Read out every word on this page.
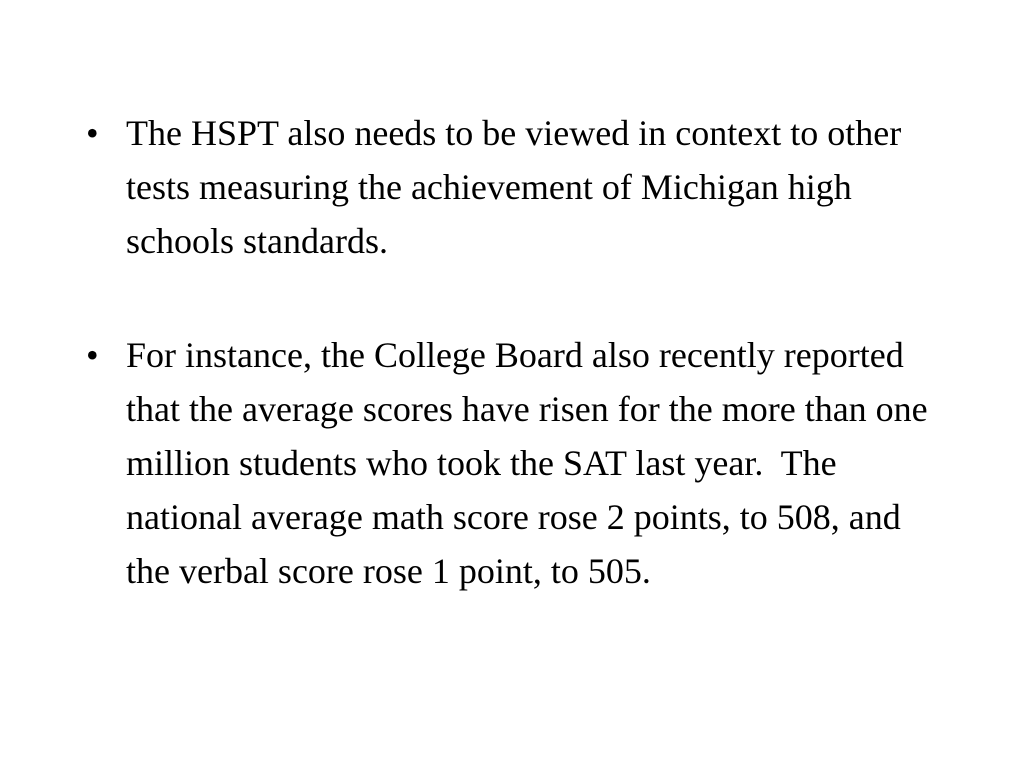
• The HSPT also needs to be viewed in context to other tests measuring the achievement of Michigan high schools standards.
• For instance, the College Board also recently reported that the average scores have risen for the more than one million students who took the SAT last year.  The national average math score rose 2 points, to 508, and the verbal score rose 1 point, to 505.
